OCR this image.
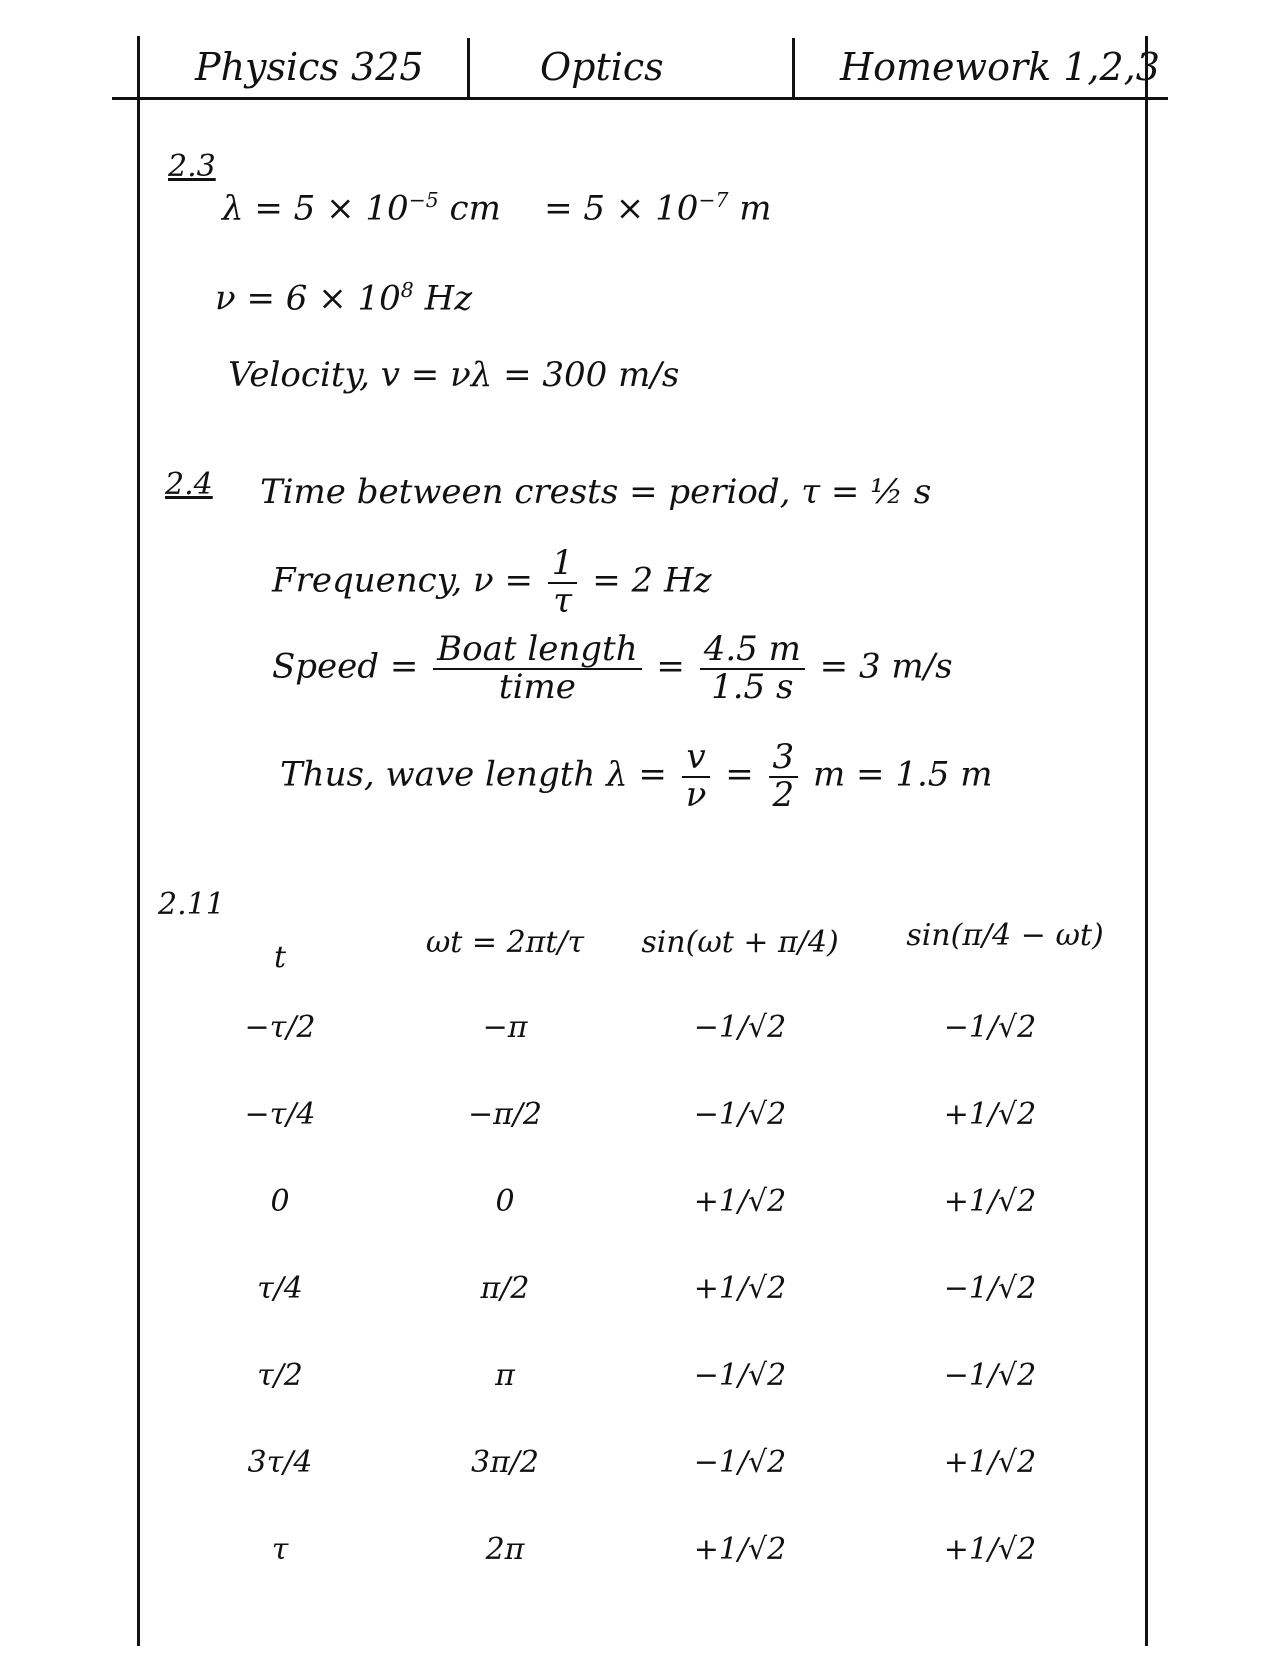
Physics 325	Optics	Homework 1,2,3
2.3
$\lambda = 5 \times 10^{-5}$ cm = $5 \times 10^{-7}$ m
$\nu = 6 \times 10^8$ Hz
Velocity, v = νλ = 300 m/s
2.4 Time between crests = period, τ = ½ s
Frequency, $\nu = \frac{1}{\tau} = 2$ Hz
Speed = $\frac{\text{Boat length}}{\text{time}} = \frac{4.5 m}{1.5 s} = 3$ m/s
Thus, wave length $\lambda = \frac{v}{\nu} = \frac{3}{2}$ m = 1.5 m
2.11
t	ωt = 2πt/τ	sin(ωt + π/4)	sin(π/4 − ωt)
−τ/2	−π	−1/√2	−1/√2
−τ/4	−π/2	−1/√2	+1/√2
0	0	+1/√2	+1/√2
τ/4	π/2	+1/√2	−1/√2
τ/2	π	−1/√2	−1/√2
3τ/4	3π/2	−1/√2	+1/√2
τ	2π	+1/√2	+1/√2
